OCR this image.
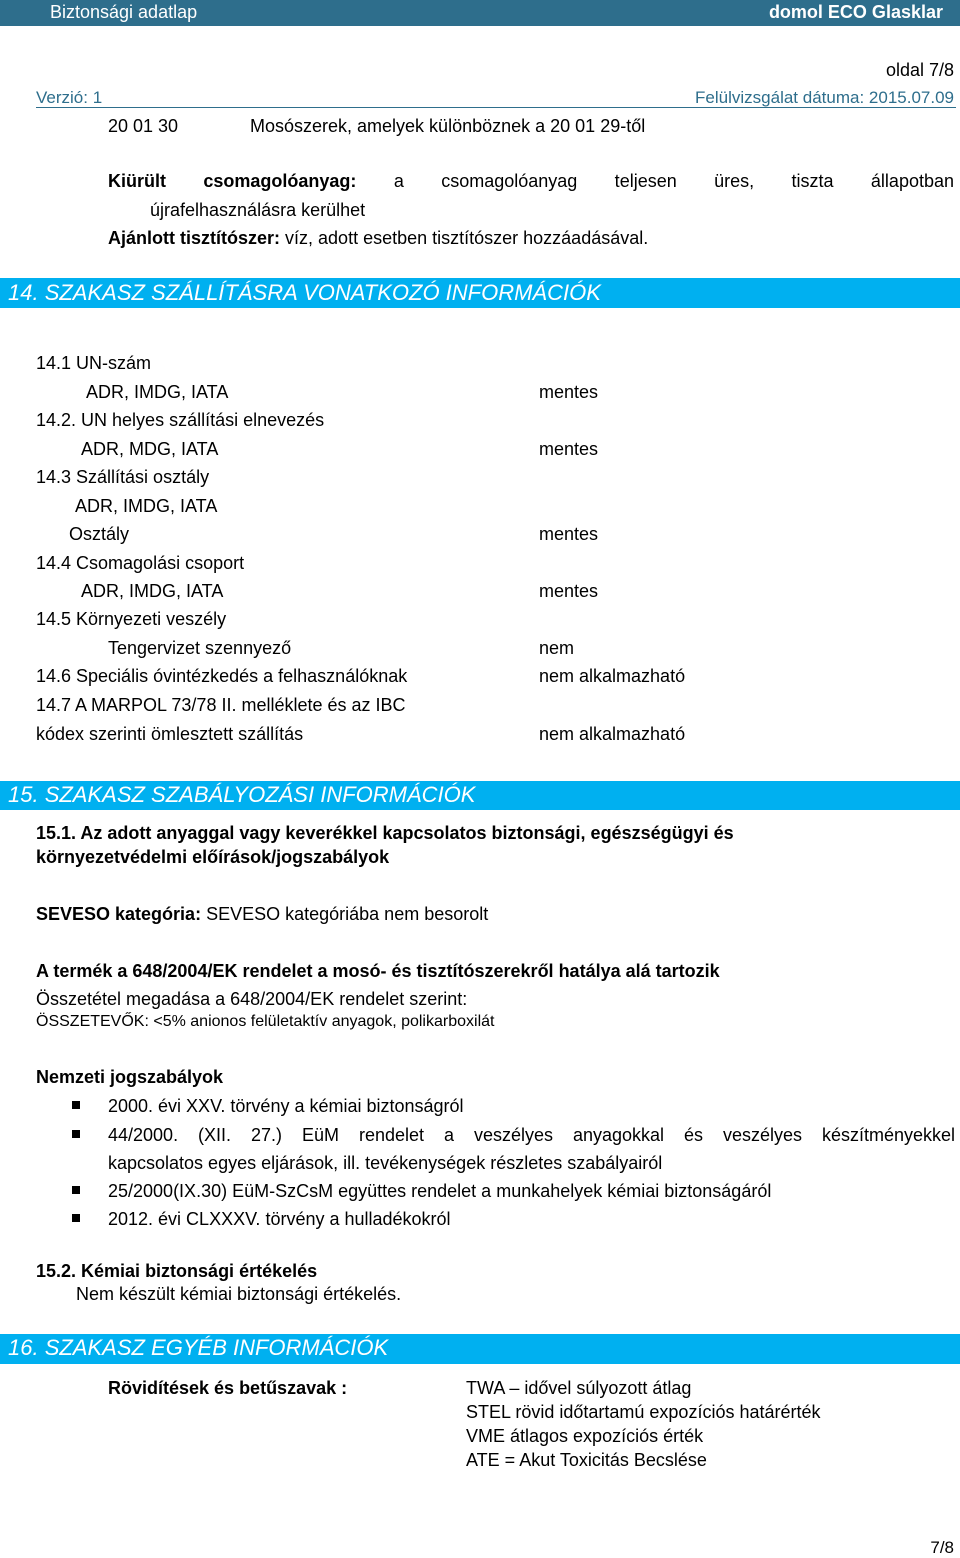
Biztonsági adatlap	domol ECO Glasklar
oldal 7/8
Verzió: 1	Felülvizsgálat dátuma: 2015.07.09
20 01 30	Mosószerek, amelyek különböznek a 20 01 29-től
Kiürült csomagolóanyag: a csomagolóanyag teljesen üres, tiszta állapotban
újrafelhasználásra kerülhet
Ajánlott tisztítószer: víz, adott esetben tisztítószer hozzáadásával.
14. SZAKASZ SZÁLLÍTÁSRA VONATKOZÓ INFORMÁCIÓK
14.1 UN-szám
ADR, IMDG, IATA	mentes
14.2. UN helyes szállítási elnevezés
ADR, MDG, IATA	mentes
14.3 Szállítási osztály
ADR, IMDG, IATA
Osztály	mentes
14.4 Csomagolási csoport
ADR, IMDG, IATA	mentes
14.5 Környezeti veszély
Tengervizet szennyező	nem
14.6 Speciális óvintézkedés a felhasználóknak	nem alkalmazható
14.7 A MARPOL 73/78 II. melléklete és az IBC
kódex szerinti ömlesztett szállítás	nem alkalmazható
15. SZAKASZ SZABÁLYOZÁSI INFORMÁCIÓK
15.1. Az adott anyaggal vagy keverékkel kapcsolatos biztonsági, egészségügyi és
környezetvédelmi előírások/jogszabályok
SEVESO kategória: SEVESO kategóriába nem besorolt
A termék a 648/2004/EK rendelet a mosó- és tisztítószerekről hatálya alá tartozik
Összetétel megadása a 648/2004/EK rendelet szerint:
ÖSSZETEVŐK: <5% anionos felületaktív anyagok, polikarboxilát
Nemzeti jogszabályok
2000. évi XXV. törvény a kémiai biztonságról
44/2000. (XII. 27.) EüM rendelet a veszélyes anyagokkal és veszélyes készítményekkel
kapcsolatos egyes eljárások, ill. tevékenységek részletes szabályairól
25/2000(IX.30) EüM-SzCsM együttes rendelet a munkahelyek kémiai biztonságáról
2012. évi CLXXXV. törvény a hulladékokról
15.2. Kémiai biztonsági értékelés
Nem készült kémiai biztonsági értékelés.
16. SZAKASZ EGYÉB INFORMÁCIÓK
Rövidítések és betűszavak :	TWA – idővel súlyozott átlag
STEL rövid időtartamú expozíciós határérték
VME átlagos expozíciós érték
ATE = Akut Toxicitás Becslése
7/8
